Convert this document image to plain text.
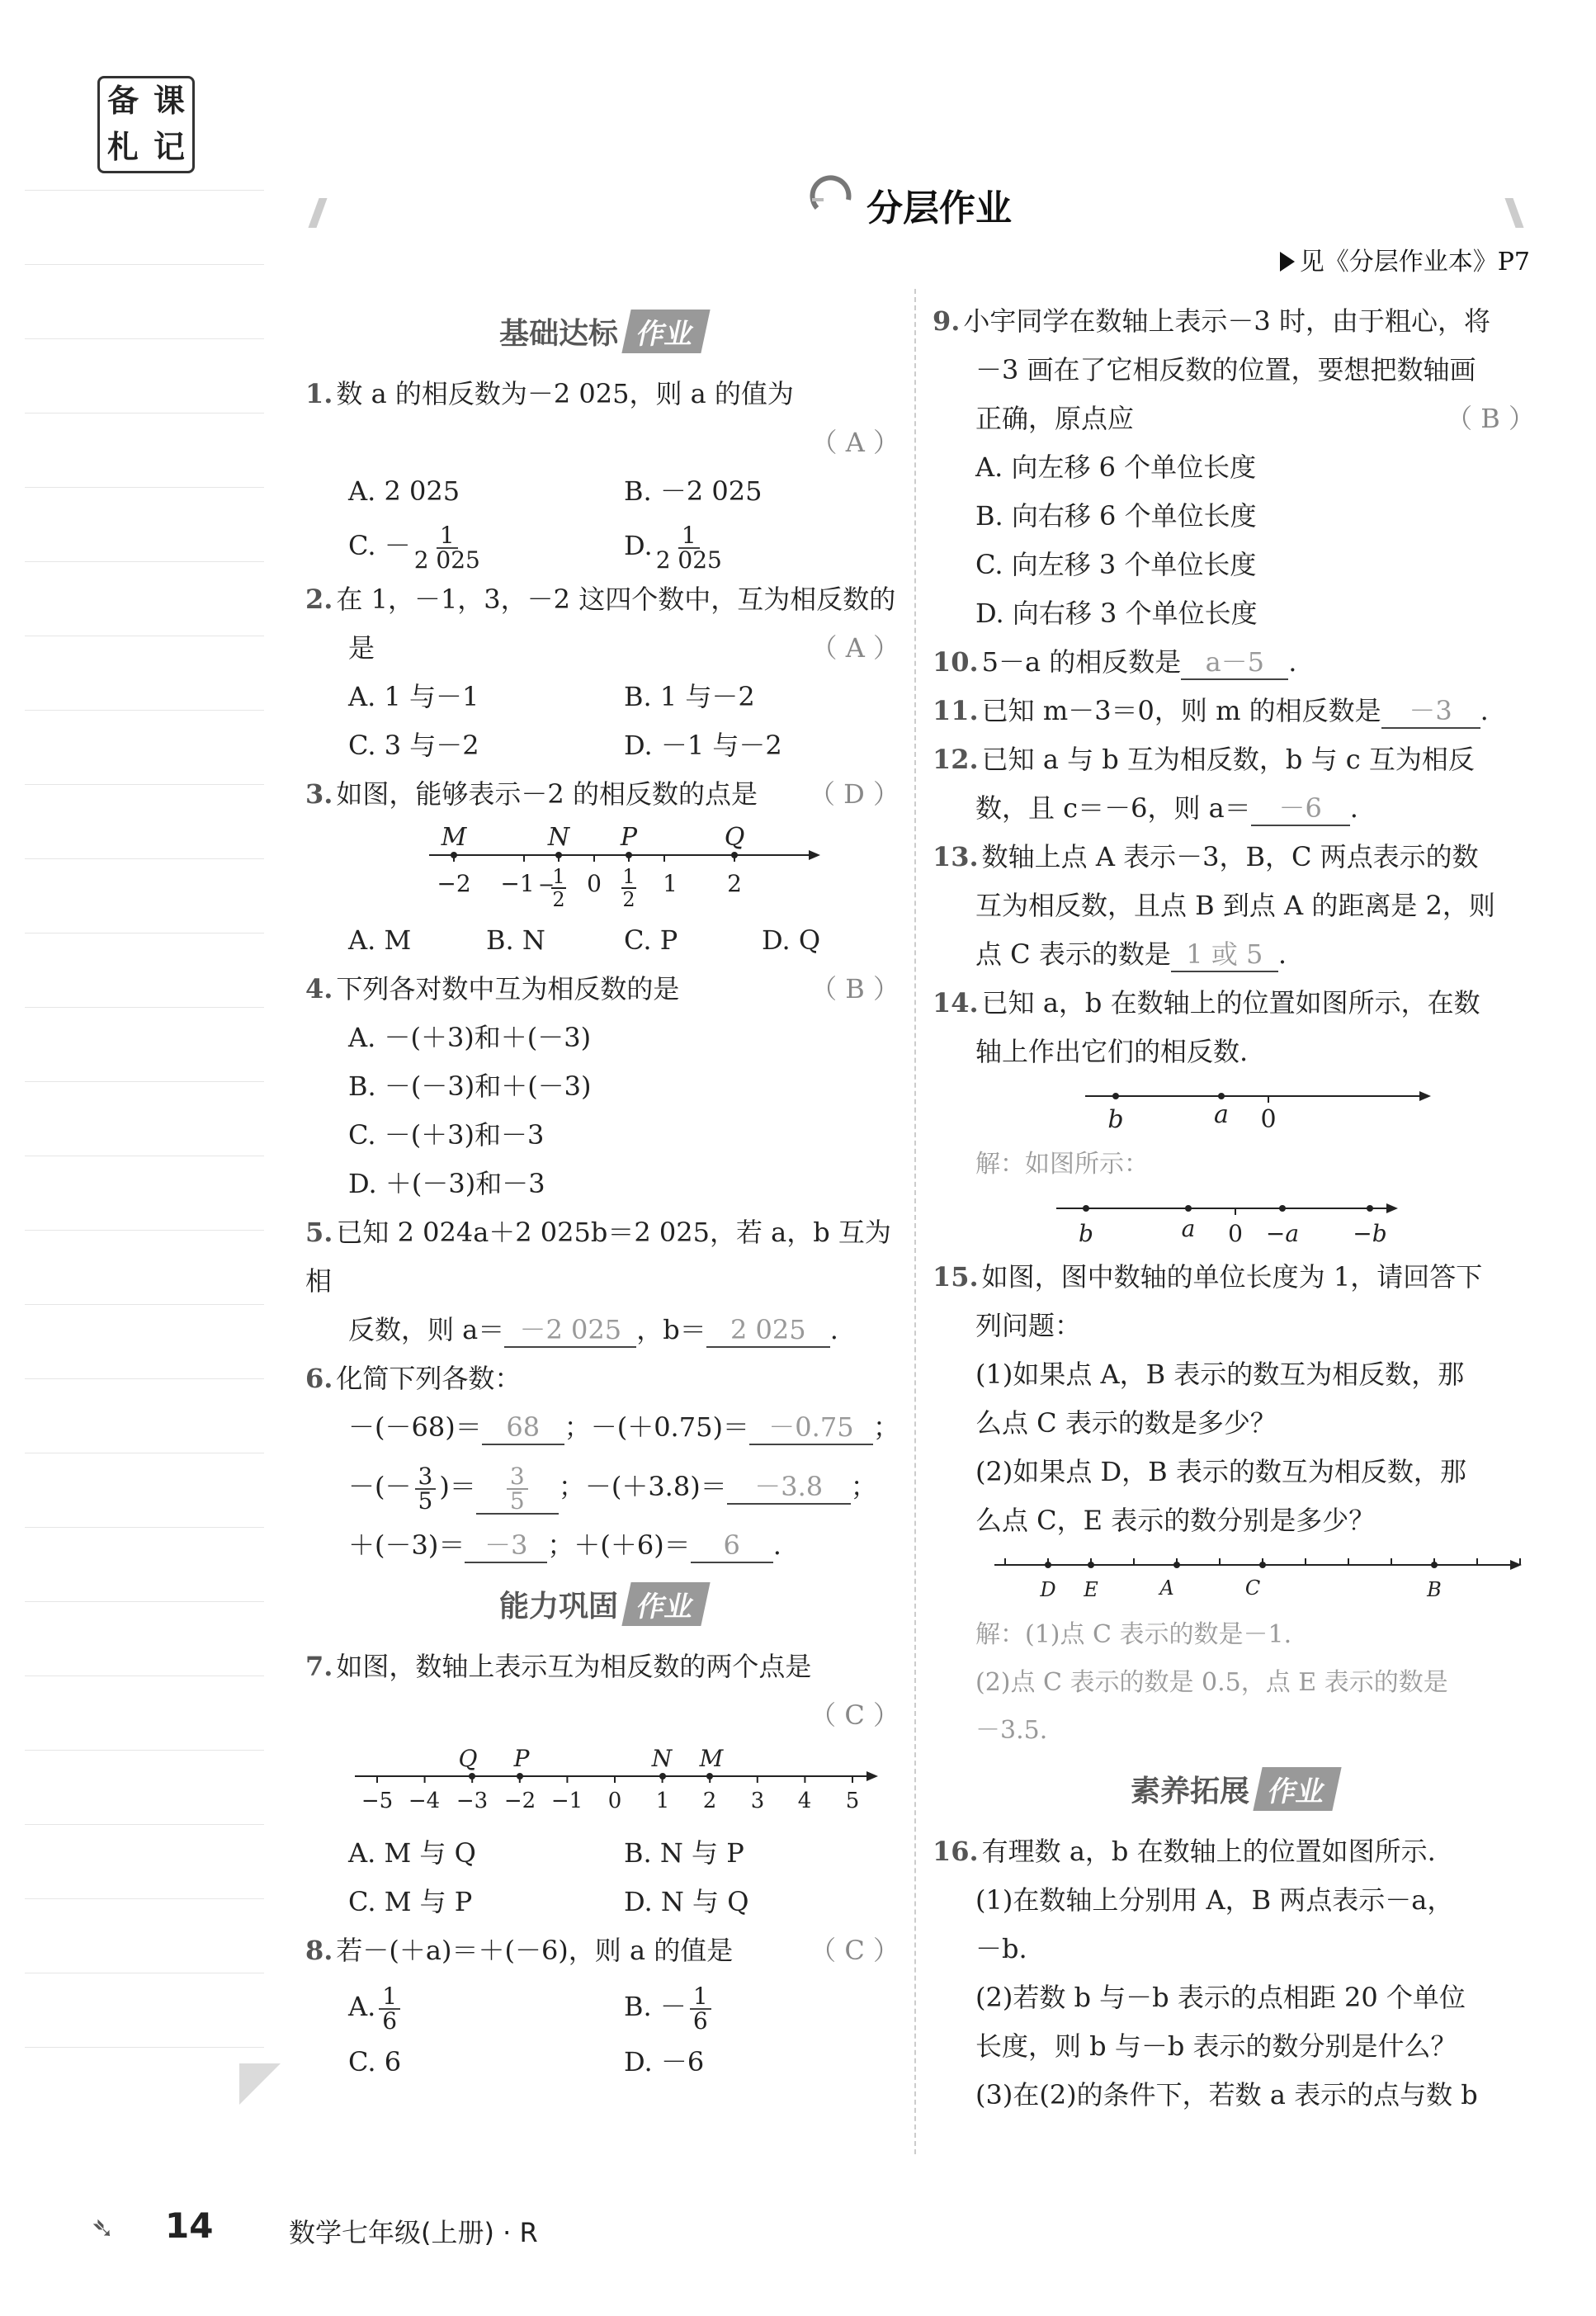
备 课
札 记
分层作业
见《分层作业本》P7
基础达标 作业
1. 数 a 的相反数为－2 025，则 a 的值为
（ A ）
A. 2 025	B. －2 025
C. － $\frac{1}{2 025}$	D. $\frac{1}{2 025}$
2. 在 1，－1，3，－2 这四个数中，互为相反数的
是	（ A ）
A. 1 与－1	B. 1 与－2
C. 3 与－2	D. －1 与－2
3. 如图，能够表示－2 的相反数的点是 （ D ）
M	N P	Q
−2 −1 0	1 2
−
1
2
1
2
A. M	B. N	C. P	D. Q
4. 下列各对数中互为相反数的是	（ B ）
A. －(＋3)和＋(－3)
B. －(－3)和＋(－3)
C. －(＋3)和－3
D. ＋(－3)和－3
5. 已知 2 024a＋2 025b＝2 025，若 a，b 互为相
反数，则 a＝ －2 025 ，b＝ 2 025 .
6. 化简下列各数：
－(－68)＝ 68 ；－(＋0.75)＝ －0.75 ；
－(－ $\frac{3}{5}$ )＝ $\frac{3}{5}$ ；－(＋3.8)＝ －3.8 ；
＋(－3)＝ －3 ；＋(＋6)＝ 6 .
能力巩固 作业
7. 如图，数轴上表示互为相反数的两个点是
（ C ）
Q P	N M
−5 −4 −3 −2 −1 0 1 2 3 4 5
A. M 与 Q	B. N 与 P
C. M 与 P	D. N 与 Q
8. 若－(＋a)＝＋(－6)，则 a 的值是	（ C ）
A. $\frac{1}{6}$	B. － $\frac{1}{6}$
C. 6	D. －6
9. 小宇同学在数轴上表示－3 时，由于粗心，将
－3 画在了它相反数的位置，要想把数轴画
正确，原点应	（ B ）
A. 向左移 6 个单位长度
B. 向右移 6 个单位长度
C. 向左移 3 个单位长度
D. 向右移 3 个单位长度
10. 5－a 的相反数是 a－5 .
11. 已知 m－3＝0，则 m 的相反数是 －3 .
12. 已知 a 与 b 互为相反数，b 与 c 互为相反
数，且 c＝－6，则 a＝ －6 .
13. 数轴上点 A 表示－3，B，C 两点表示的数
互为相反数，且点 B 到点 A 的距离是 2，则
点 C 表示的数是 1 或 5 .
14. 已知 a，b 在数轴上的位置如图所示，在数
轴上作出它们的相反数.
b	a 0
解：如图所示：
b	a 0 −a −b
15. 如图，图中数轴的单位长度为 1，请回答下
列问题：
(1)如果点 A，B 表示的数互为相反数，那
么点 C 表示的数是多少？
(2)如果点 D，B 表示的数互为相反数，那
么点 C，E 表示的数分别是多少？
D E	A	C	B
解：(1)点 C 表示的数是－1.
(2)点 C 表示的数是 0.5，点 E 表示的数是
－3.5.
素养拓展 作业
16. 有理数 a，b 在数轴上的位置如图所示.
(1)在数轴上分别用 A，B 两点表示－a，
－b.
(2)若数 b 与－b 表示的点相距 20 个单位
长度，则 b 与－b 表示的数分别是什么？
(3)在(2)的条件下，若数 a 表示的点与数 b
➴ 14	数学七年级(上册) · R
